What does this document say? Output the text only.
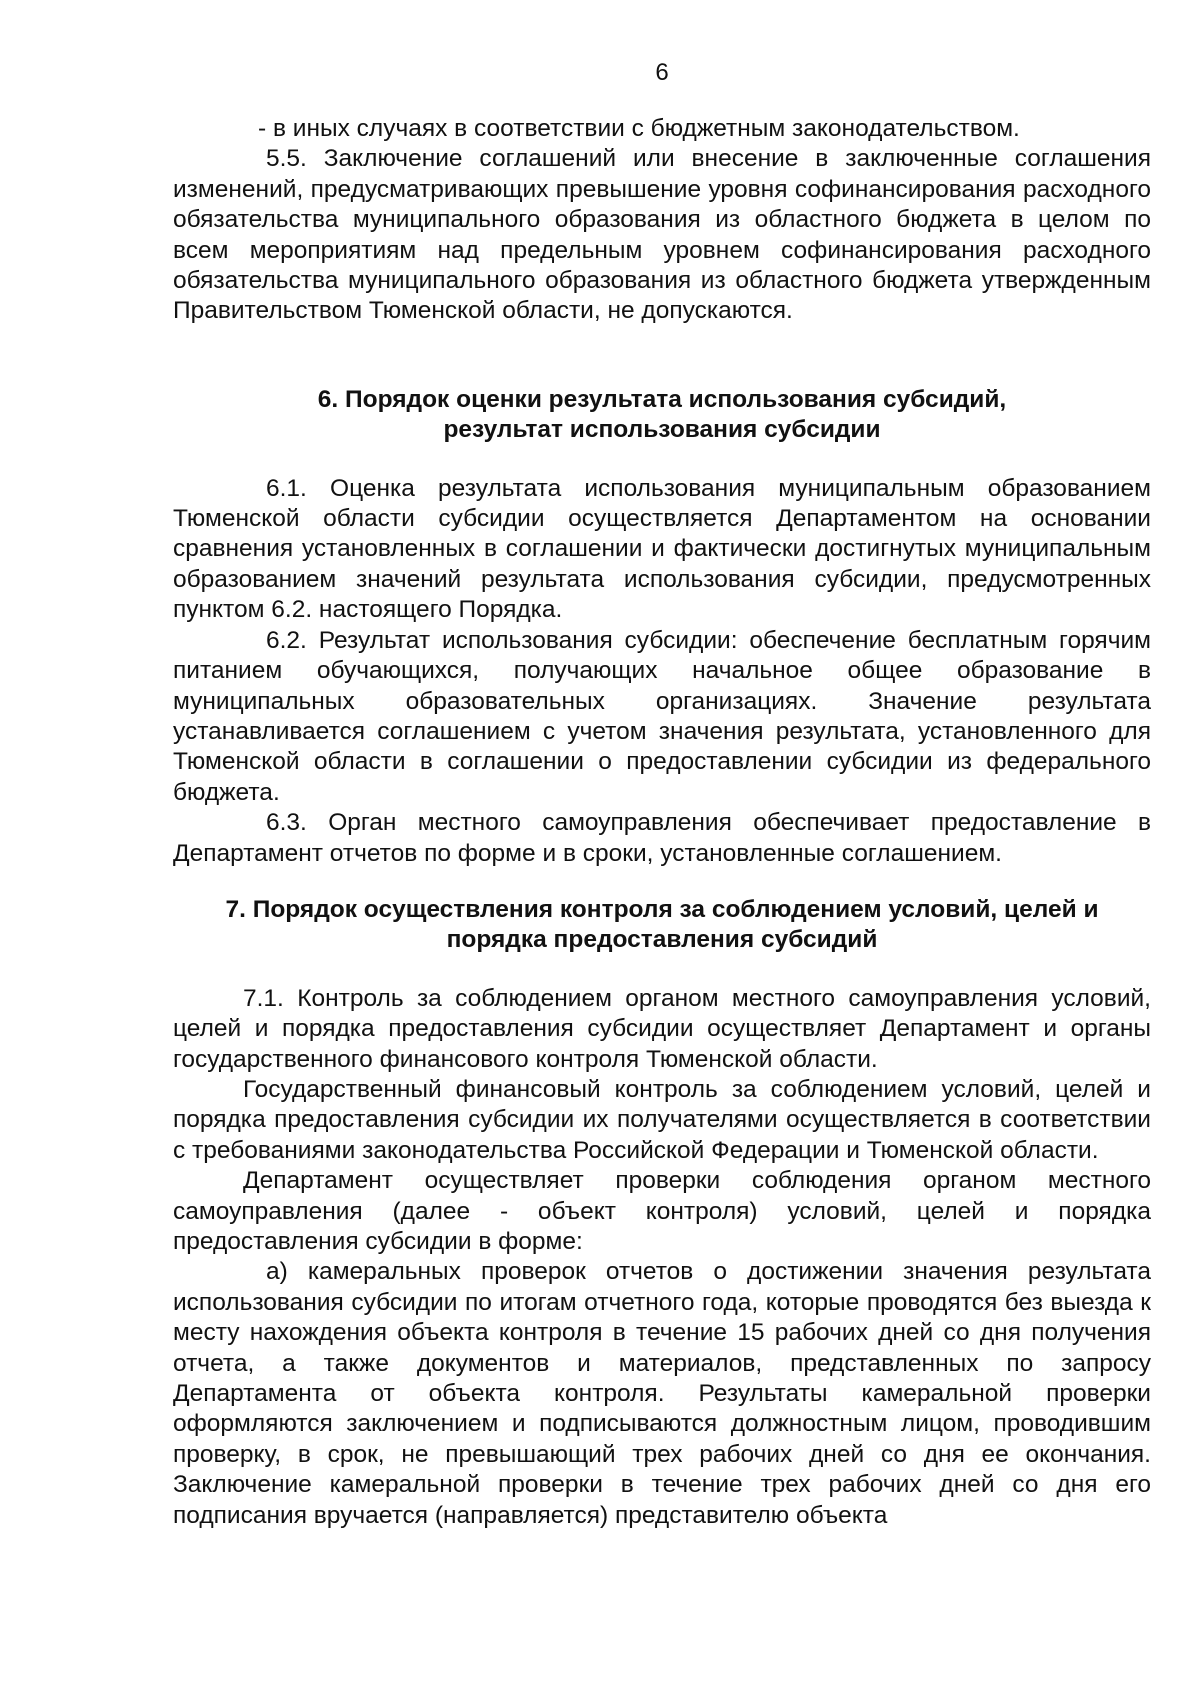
6

- в иных случаях в соответствии с бюджетным законодательством.

5.5. Заключение соглашений или внесение в заключенные соглашения изменений, предусматривающих превышение уровня софинансирования расходного обязательства муниципального образования из областного бюджета в целом по всем мероприятиям над предельным уровнем софинансирования расходного обязательства муниципального образования из областного бюджета утвержденным Правительством Тюменской области, не допускаются.

6. Порядок оценки результата использования субсидий,
результат использования субсидии

6.1. Оценка результата использования муниципальным образованием Тюменской области субсидии осуществляется Департаментом на основании сравнения установленных в соглашении и фактически достигнутых муниципальным образованием значений результата использования субсидии, предусмотренных пунктом 6.2. настоящего Порядка.

6.2. Результат использования субсидии: обеспечение бесплатным горячим питанием обучающихся, получающих начальное общее образование в муниципальных образовательных организациях. Значение результата устанавливается соглашением с учетом значения результата, установленного для Тюменской области в соглашении о предоставлении субсидии из федерального бюджета.

6.3. Орган местного самоуправления обеспечивает предоставление в Департамент отчетов по форме и в сроки, установленные соглашением.

7. Порядок осуществления контроля за соблюдением условий, целей и
порядка предоставления субсидий

7.1. Контроль за соблюдением органом местного самоуправления условий, целей и порядка предоставления субсидии осуществляет Департамент и органы государственного финансового контроля Тюменской области.

Государственный финансовый контроль за соблюдением условий, целей и порядка предоставления субсидии их получателями осуществляется в соответствии с требованиями законодательства Российской Федерации и Тюменской области.

Департамент осуществляет проверки соблюдения органом местного самоуправления (далее - объект контроля) условий, целей и порядка предоставления субсидии в форме:

а) камеральных проверок отчетов о достижении значения результата использования субсидии по итогам отчетного года, которые проводятся без выезда к месту нахождения объекта контроля в течение 15 рабочих дней со дня получения отчета, а также документов и материалов, представленных по запросу Департамента от объекта контроля. Результаты камеральной проверки оформляются заключением и подписываются должностным лицом, проводившим проверку, в срок, не превышающий трех рабочих дней со дня ее окончания. Заключение камеральной проверки в течение трех рабочих дней со дня его подписания вручается (направляется) представителю объекта
